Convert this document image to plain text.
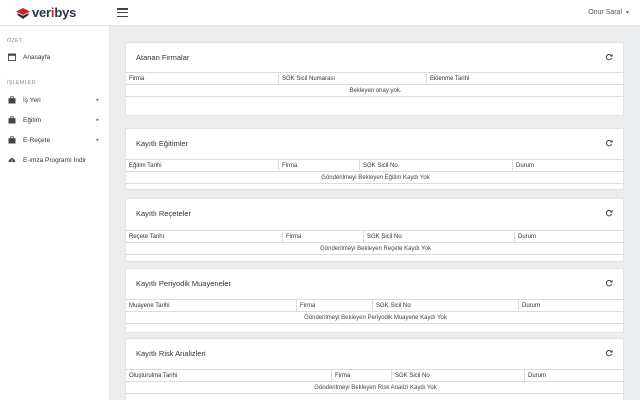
veribys	Onur Saral ▼
ÖZET
Anasayfa
İŞLEMLER
İş Yeri	▸
Eğitim	▸
E-Reçete	▸
E-imza Programı İndir
Atanan Firmalar
Firma	SGK Sicil Numarası	Eklenme Tarihi
Bekleyen onay yok.
Kayıtlı Eğitimler
Eğitim Tarihi	Firma	SGK Sicil No	Durum
Gönderilmeyi Bekleyen Eğitim Kaydı Yok
Kayıtlı Reçeteler
Reçete Tarihi	Firma	SGK Sicil No	Durum
Gönderilmeyi Bekleyen Reçete Kaydı Yok
Kayıtlı Periyodik Muayeneler
Muayene Tarihi	Firma	SGK Sicil No	Durum
Gönderilmeyi Bekleyen Periyodik Muayene Kaydı Yok
Kayıtlı Risk Analizleri
Oluşturulma Tarihi	Firma	SGK Sicil No	Durum
Gönderilmeyi Bekleyen Risk Analizi Kaydı Yok
